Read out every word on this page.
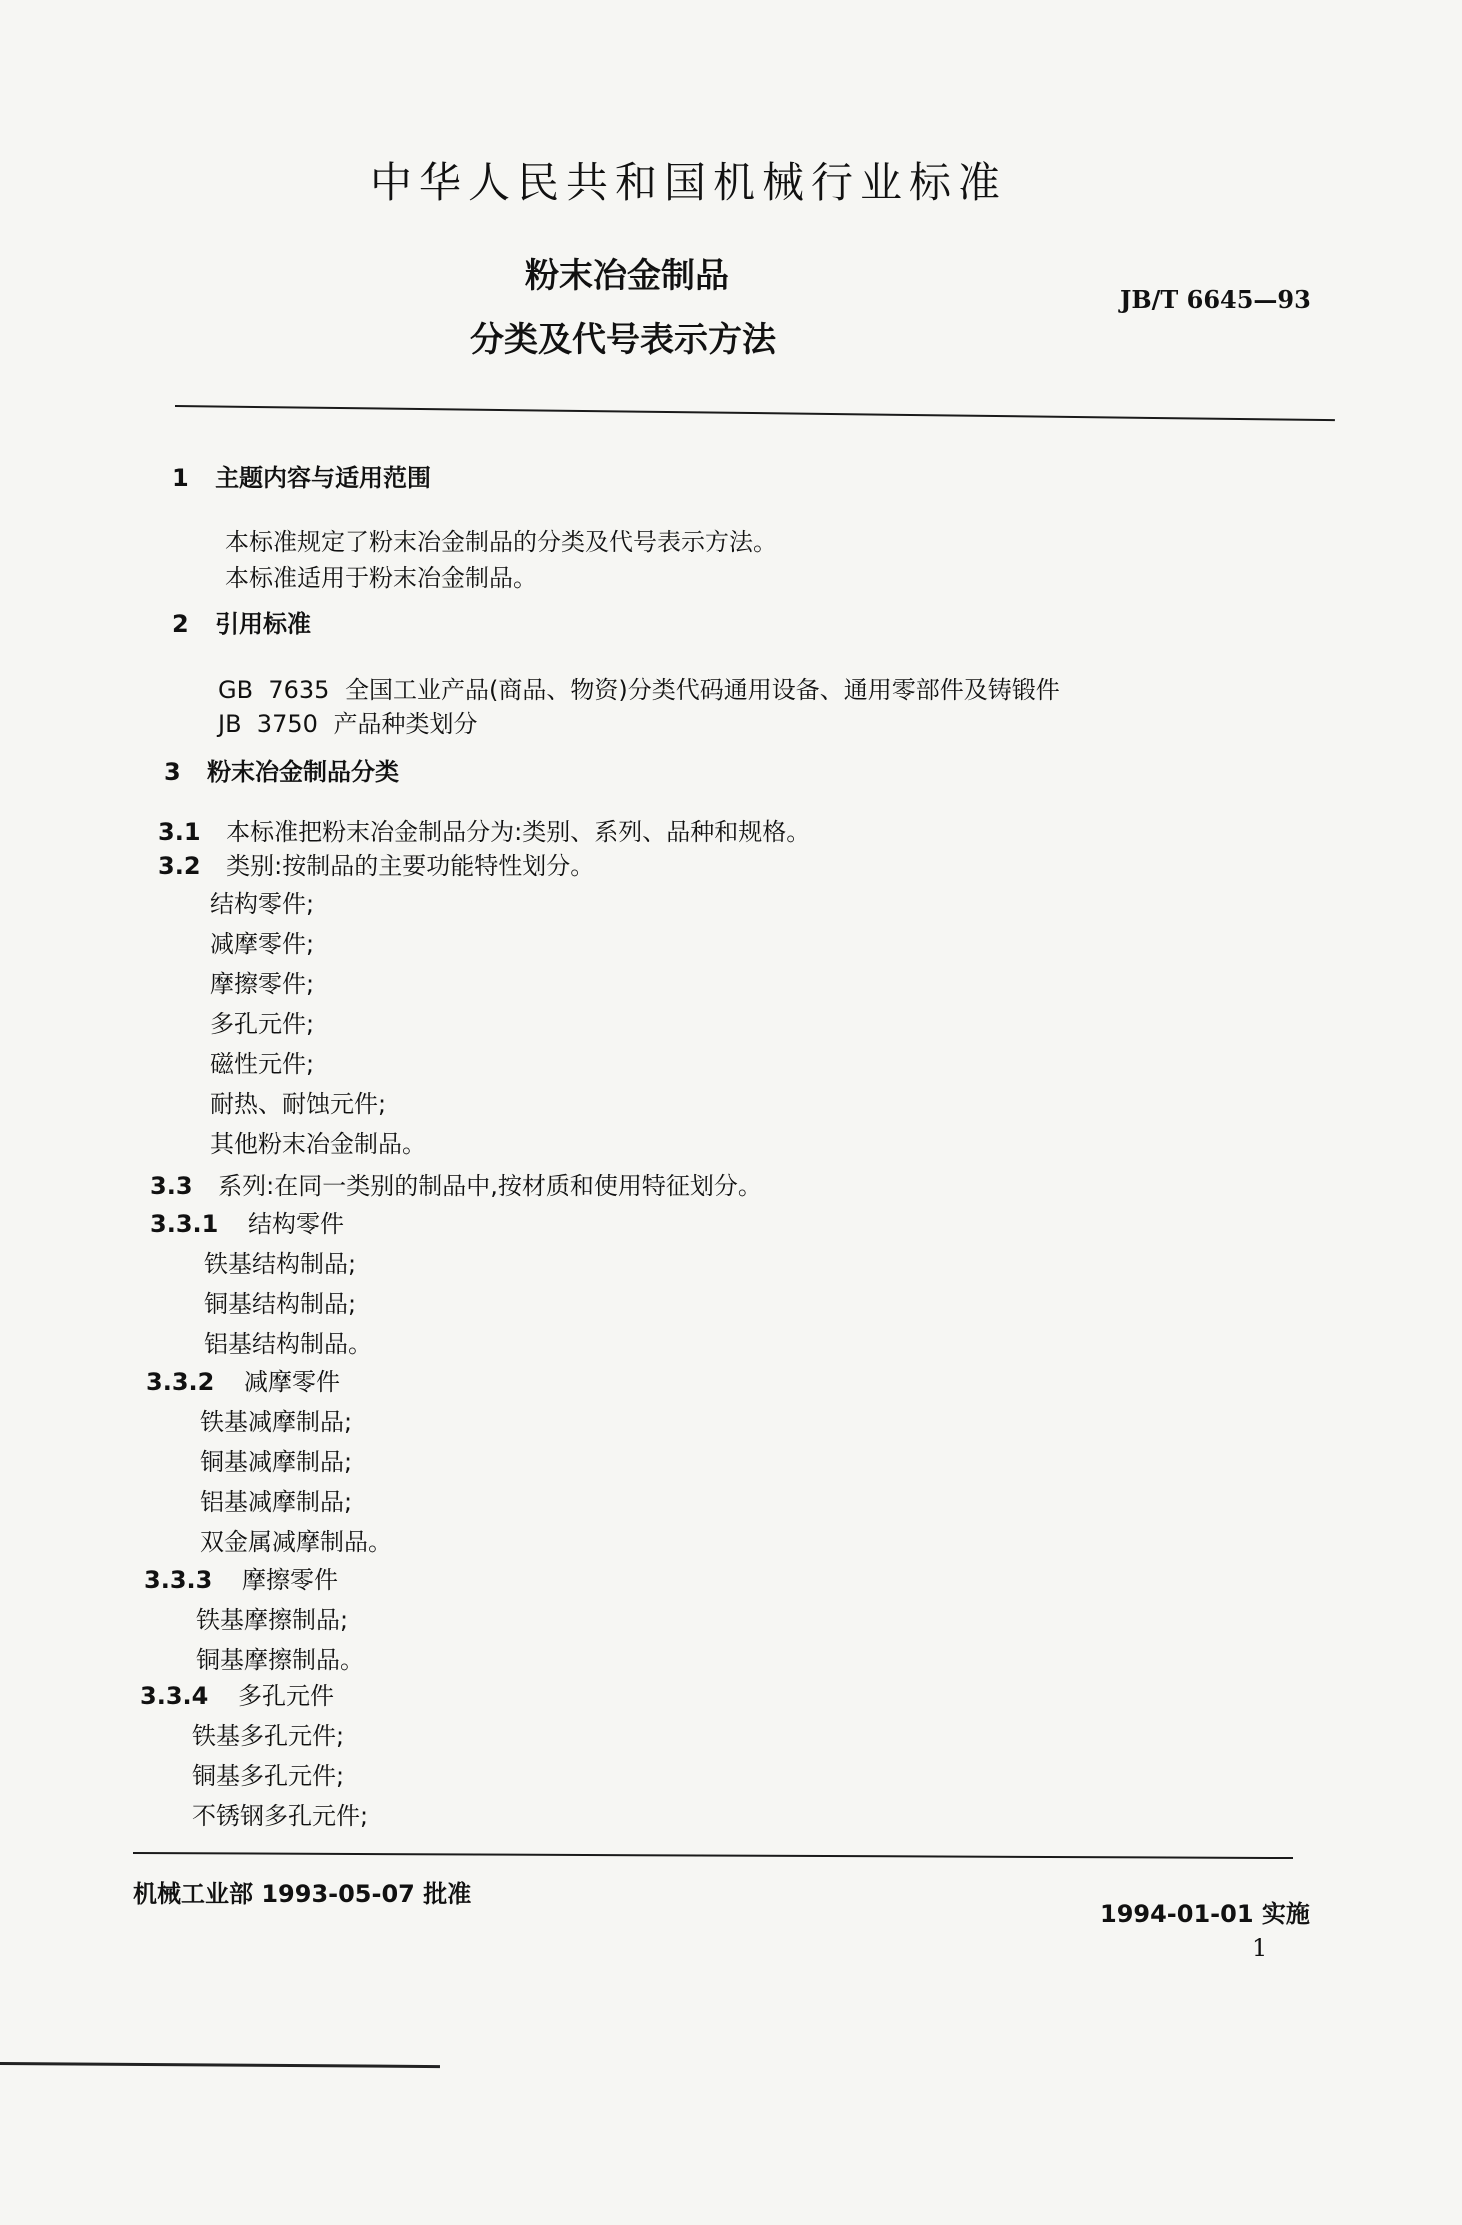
中华人民共和国机械行业标准
粉末冶金制品
分类及代号表示方法
JB/T 6645—93
1 主题内容与适用范围
本标准规定了粉末冶金制品的分类及代号表示方法。
本标准适用于粉末冶金制品。
2 引用标准
GB  7635 全国工业产品(商品、物资)分类代码通用设备、通用零部件及铸锻件
JB  3750 产品种类划分
3 粉末冶金制品分类
3.1 本标准把粉末冶金制品分为:类别、系列、品种和规格。
3.2 类别:按制品的主要功能特性划分。
结构零件;
减摩零件;
摩擦零件;
多孔元件;
磁性元件;
耐热、耐蚀元件;
其他粉末冶金制品。
3.3 系列:在同一类别的制品中,按材质和使用特征划分。
3.3.1 结构零件
铁基结构制品;
铜基结构制品;
铝基结构制品。
3.3.2 减摩零件
铁基减摩制品;
铜基减摩制品;
铝基减摩制品;
双金属减摩制品。
3.3.3 摩擦零件
铁基摩擦制品;
铜基摩擦制品。
3.3.4 多孔元件
铁基多孔元件;
铜基多孔元件;
不锈钢多孔元件;
机械工业部 1993-05-07 批准
1994-01-01 实施
1
